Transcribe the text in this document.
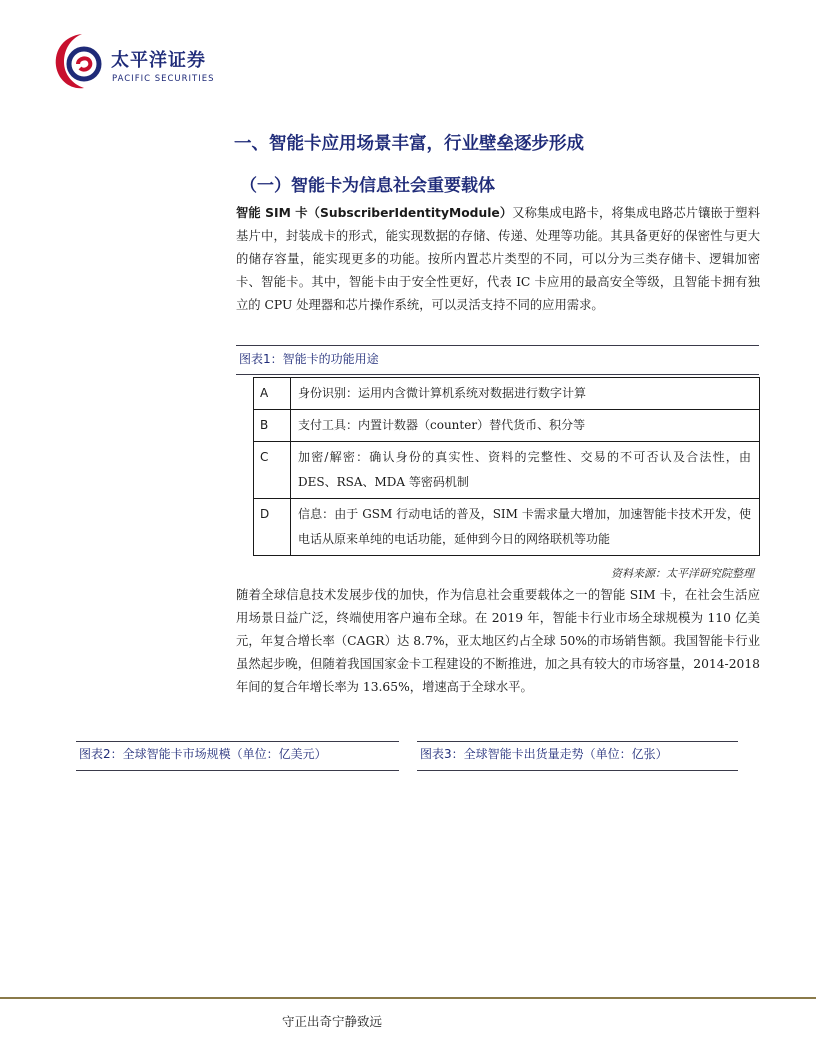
太平洋证券
PACIFIC SECURITIES
一、智能卡应用场景丰富，行业壁垒逐步形成
（一）智能卡为信息社会重要载体
智能 SIM 卡（SubscriberIdentityModule）又称集成电路卡，将集成电路芯片镶嵌于塑料基片中，封装成卡的形式，能实现数据的存储、传递、处理等功能。其具备更好的保密性与更大的储存容量，能实现更多的功能。按所内置芯片类型的不同，可以分为三类存储卡、逻辑加密卡、智能卡。其中，智能卡由于安全性更好，代表 IC 卡应用的最高安全等级，且智能卡拥有独立的 CPU 处理器和芯片操作系统，可以灵活支持不同的应用需求。
图表1：智能卡的功能用途
A	身份识别：运用内含微计算机系统对数据进行数字计算
B	支付工具：内置计数器（counter）替代货币、积分等
C	加密/解密：确认身份的真实性、资料的完整性、交易的不可否认及合法性，由 DES、RSA、MDA 等密码机制
D	信息：由于 GSM 行动电话的普及，SIM 卡需求量大增加，加速智能卡技术开发，使电话从原来单纯的电话功能，延伸到今日的网络联机等功能
资料来源：太平洋研究院整理
随着全球信息技术发展步伐的加快，作为信息社会重要载体之一的智能 SIM 卡，在社会生活应用场景日益广泛，终端使用客户遍布全球。在 2019 年，智能卡行业市场全球规模为 110 亿美元，年复合增长率（CAGR）达 8.7%，亚太地区约占全球 50%的市场销售额。我国智能卡行业虽然起步晚，但随着我国国家金卡工程建设的不断推进，加之具有较大的市场容量，2014-2018 年间的复合年增长率为 13.65%，增速高于全球水平。
图表2：全球智能卡市场规模（单位：亿美元）	图表3：全球智能卡出货量走势（单位：亿张）
守正出奇宁静致远
